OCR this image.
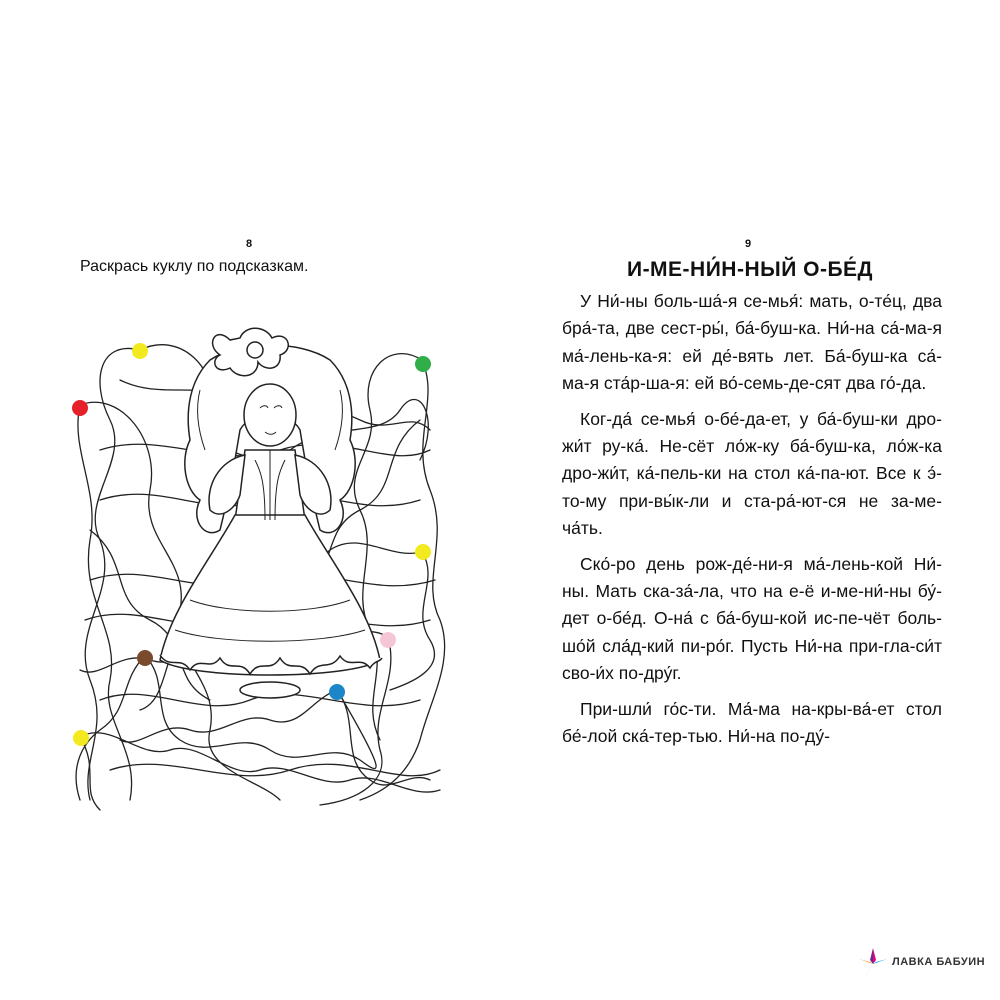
8
Раскрась куклу по подсказкам.
9
И-МЕ-НИ́Н-НЫЙ О-БЕ́Д

У Ни́-ны боль-ша́-я се-мья́: мать, о-те́ц, два бра́-та, две сест-ры́, ба́-буш-ка. Ни́-на са́-ма-я ма́-лень-ка-я: ей де́-вять лет. Ба́-буш-ка са́-ма-я ста́р-ша-я: ей во́-семь-де-сят два го́-да.

Ког-да́ се-мья́ о-бе́-да-ет, у ба́-буш-ки дро-жи́т ру-ка́. Не-сёт ло́ж-ку ба́-буш-ка, ло́ж-ка дро-жи́т, ка́-пель-ки на стол ка́-па-ют. Все к э́-то-му при-вы́к-ли и ста-ра́-ют-ся не за-ме-ча́ть.

Ско́-ро день рож-де́-ни-я ма́-лень-кой Ни́-ны. Мать ска-за́-ла, что на е-ё и-ме-ни́-ны бу́-дет о-бе́д. О-на́ с ба́-буш-кой ис-пе-чёт боль-шо́й сла́д-кий пи-ро́г. Пусть Ни́-на при-гла-си́т сво-и́х по-дру́г.

При-шли́ го́с-ти. Ма́-ма на-кры-ва́-ет стол бе́-лой ска́-тер-тью. Ни́-на по-ду́-

ЛАВКА БАБУИН
